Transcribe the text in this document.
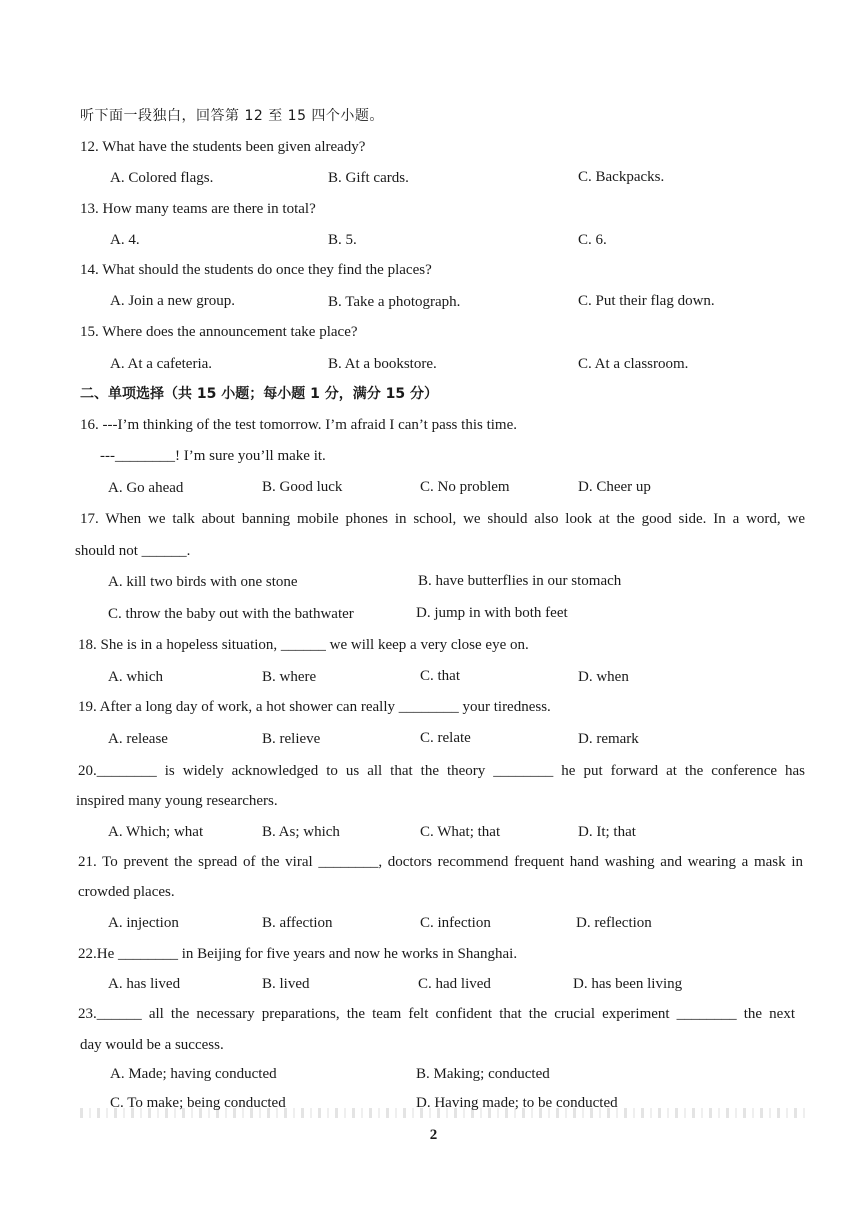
听下面一段独白，回答第 12 至 15 四个小题。
12. What have the students been given already?
A. Colored flags.	B. Gift cards.	C. Backpacks.
13. How many teams are there in total?
A. 4.	B. 5.	C. 6.
14. What should the students do once they find the places?
A. Join a new group.	B. Take a photograph.	C. Put their flag down.
15. Where does the announcement take place?
A. At a cafeteria.	B. At a bookstore.	C. At a classroom.
二、单项选择（共 15 小题；每小题 1 分，满分 15 分）
16. ---I’m thinking of the test tomorrow. I’m afraid I can’t pass this time.
---________! I’m sure you’ll make it.
A. Go ahead	B. Good luck	C. No problem	D. Cheer up
17. When we talk about banning mobile phones in school, we should also look at the good side. In a word, we
should not ______.
A. kill two birds with one stone	B. have butterflies in our stomach
C. throw the baby out with the bathwater	D. jump in with both feet
18. She is in a hopeless situation, ______ we will keep a very close eye on.
A. which	B. where	C. that	D. when
19. After a long day of work, a hot shower can really ________ your tiredness.
A. release	B. relieve	C. relate	D. remark
20.________ is widely acknowledged to us all that the theory ________ he put forward at the conference has
inspired many young researchers.
A. Which; what	B. As; which	C. What; that	D. It; that
21. To prevent the spread of the viral ________, doctors recommend frequent hand washing and wearing a mask in
crowded places.
A. injection	B. affection	C. infection	D. reflection
22.He ________ in Beijing for five years and now he works in Shanghai.
A. has lived	B. lived	C. had lived	D. has been living
23.______ all the necessary preparations, the team felt confident that the crucial experiment ________ the next
day would be a success.
A. Made; having conducted	B. Making; conducted
C. To make; being conducted	D. Having made; to be conducted
2
